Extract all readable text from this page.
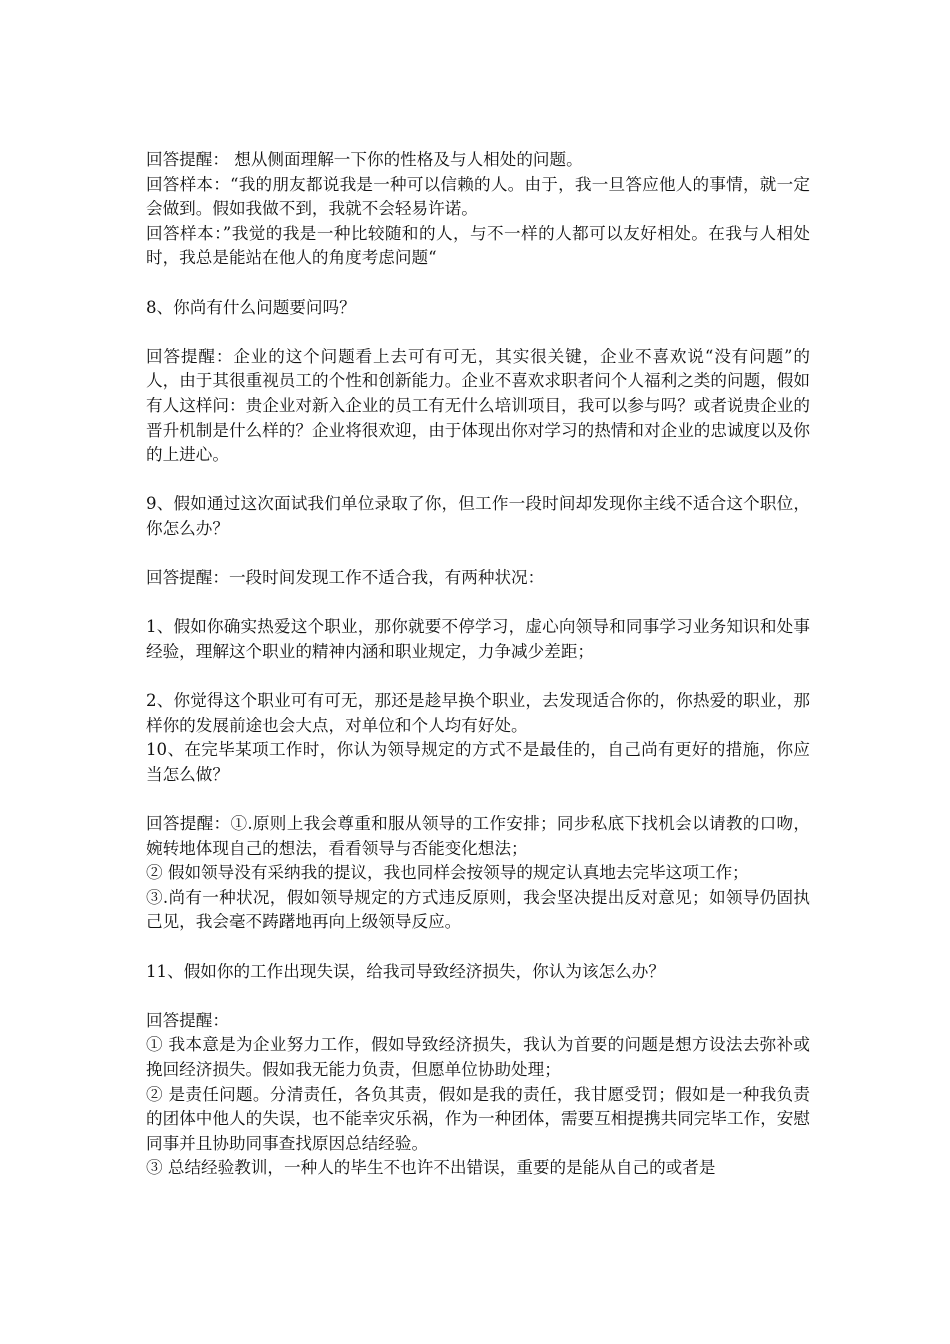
回答提醒： 想从侧面理解一下你的性格及与人相处的问题。

回答样本：“我的朋友都说我是一种可以信赖的人。由于，我一旦答应他人的事情，就一定会做到。假如我做不到，我就不会轻易许诺。

回答样本：”我觉的我是一种比较随和的人，与不一样的人都可以友好相处。在我与人相处时，我总是能站在他人的角度考虑问题“

8、你尚有什么问题要问吗？

回答提醒：企业的这个问题看上去可有可无，其实很关键，企业不喜欢说“没有问题”的人，由于其很重视员工的个性和创新能力。企业不喜欢求职者问个人福利之类的问题，假如有人这样问：贵企业对新入企业的员工有无什么培训项目，我可以参与吗？或者说贵企业的晋升机制是什么样的？企业将很欢迎，由于体现出你对学习的热情和对企业的忠诚度以及你的上进心。

9、假如通过这次面试我们单位录取了你，但工作一段时间却发现你主线不适合这个职位，你怎么办？

回答提醒：一段时间发现工作不适合我，有两种状况：

1、假如你确实热爱这个职业，那你就要不停学习，虚心向领导和同事学习业务知识和处事经验，理解这个职业的精神内涵和职业规定，力争减少差距；

2、你觉得这个职业可有可无，那还是趁早换个职业，去发现适合你的，你热爱的职业，那样你的发展前途也会大点，对单位和个人均有好处。

10、在完毕某项工作时，你认为领导规定的方式不是最佳的，自己尚有更好的措施，你应当怎么做？

回答提醒：①.原则上我会尊重和服从领导的工作安排；同步私底下找机会以请教的口吻，婉转地体现自己的想法，看看领导与否能变化想法；

② 假如领导没有采纳我的提议，我也同样会按领导的规定认真地去完毕这项工作；

③.尚有一种状况，假如领导规定的方式违反原则，我会坚决提出反对意见；如领导仍固执己见，我会毫不踌躇地再向上级领导反应。

11、假如你的工作出现失误，给我司导致经济损失，你认为该怎么办？

回答提醒：

① 我本意是为企业努力工作，假如导致经济损失，我认为首要的问题是想方设法去弥补或挽回经济损失。假如我无能力负责，但愿单位协助处理；

② 是责任问题。分清责任，各负其责，假如是我的责任，我甘愿受罚；假如是一种我负责的团体中他人的失误，也不能幸灾乐祸，作为一种团体，需要互相提携共同完毕工作，安慰同事并且协助同事查找原因总结经验。

③ 总结经验教训，一种人的毕生不也许不出错误，重要的是能从自己的或者是
